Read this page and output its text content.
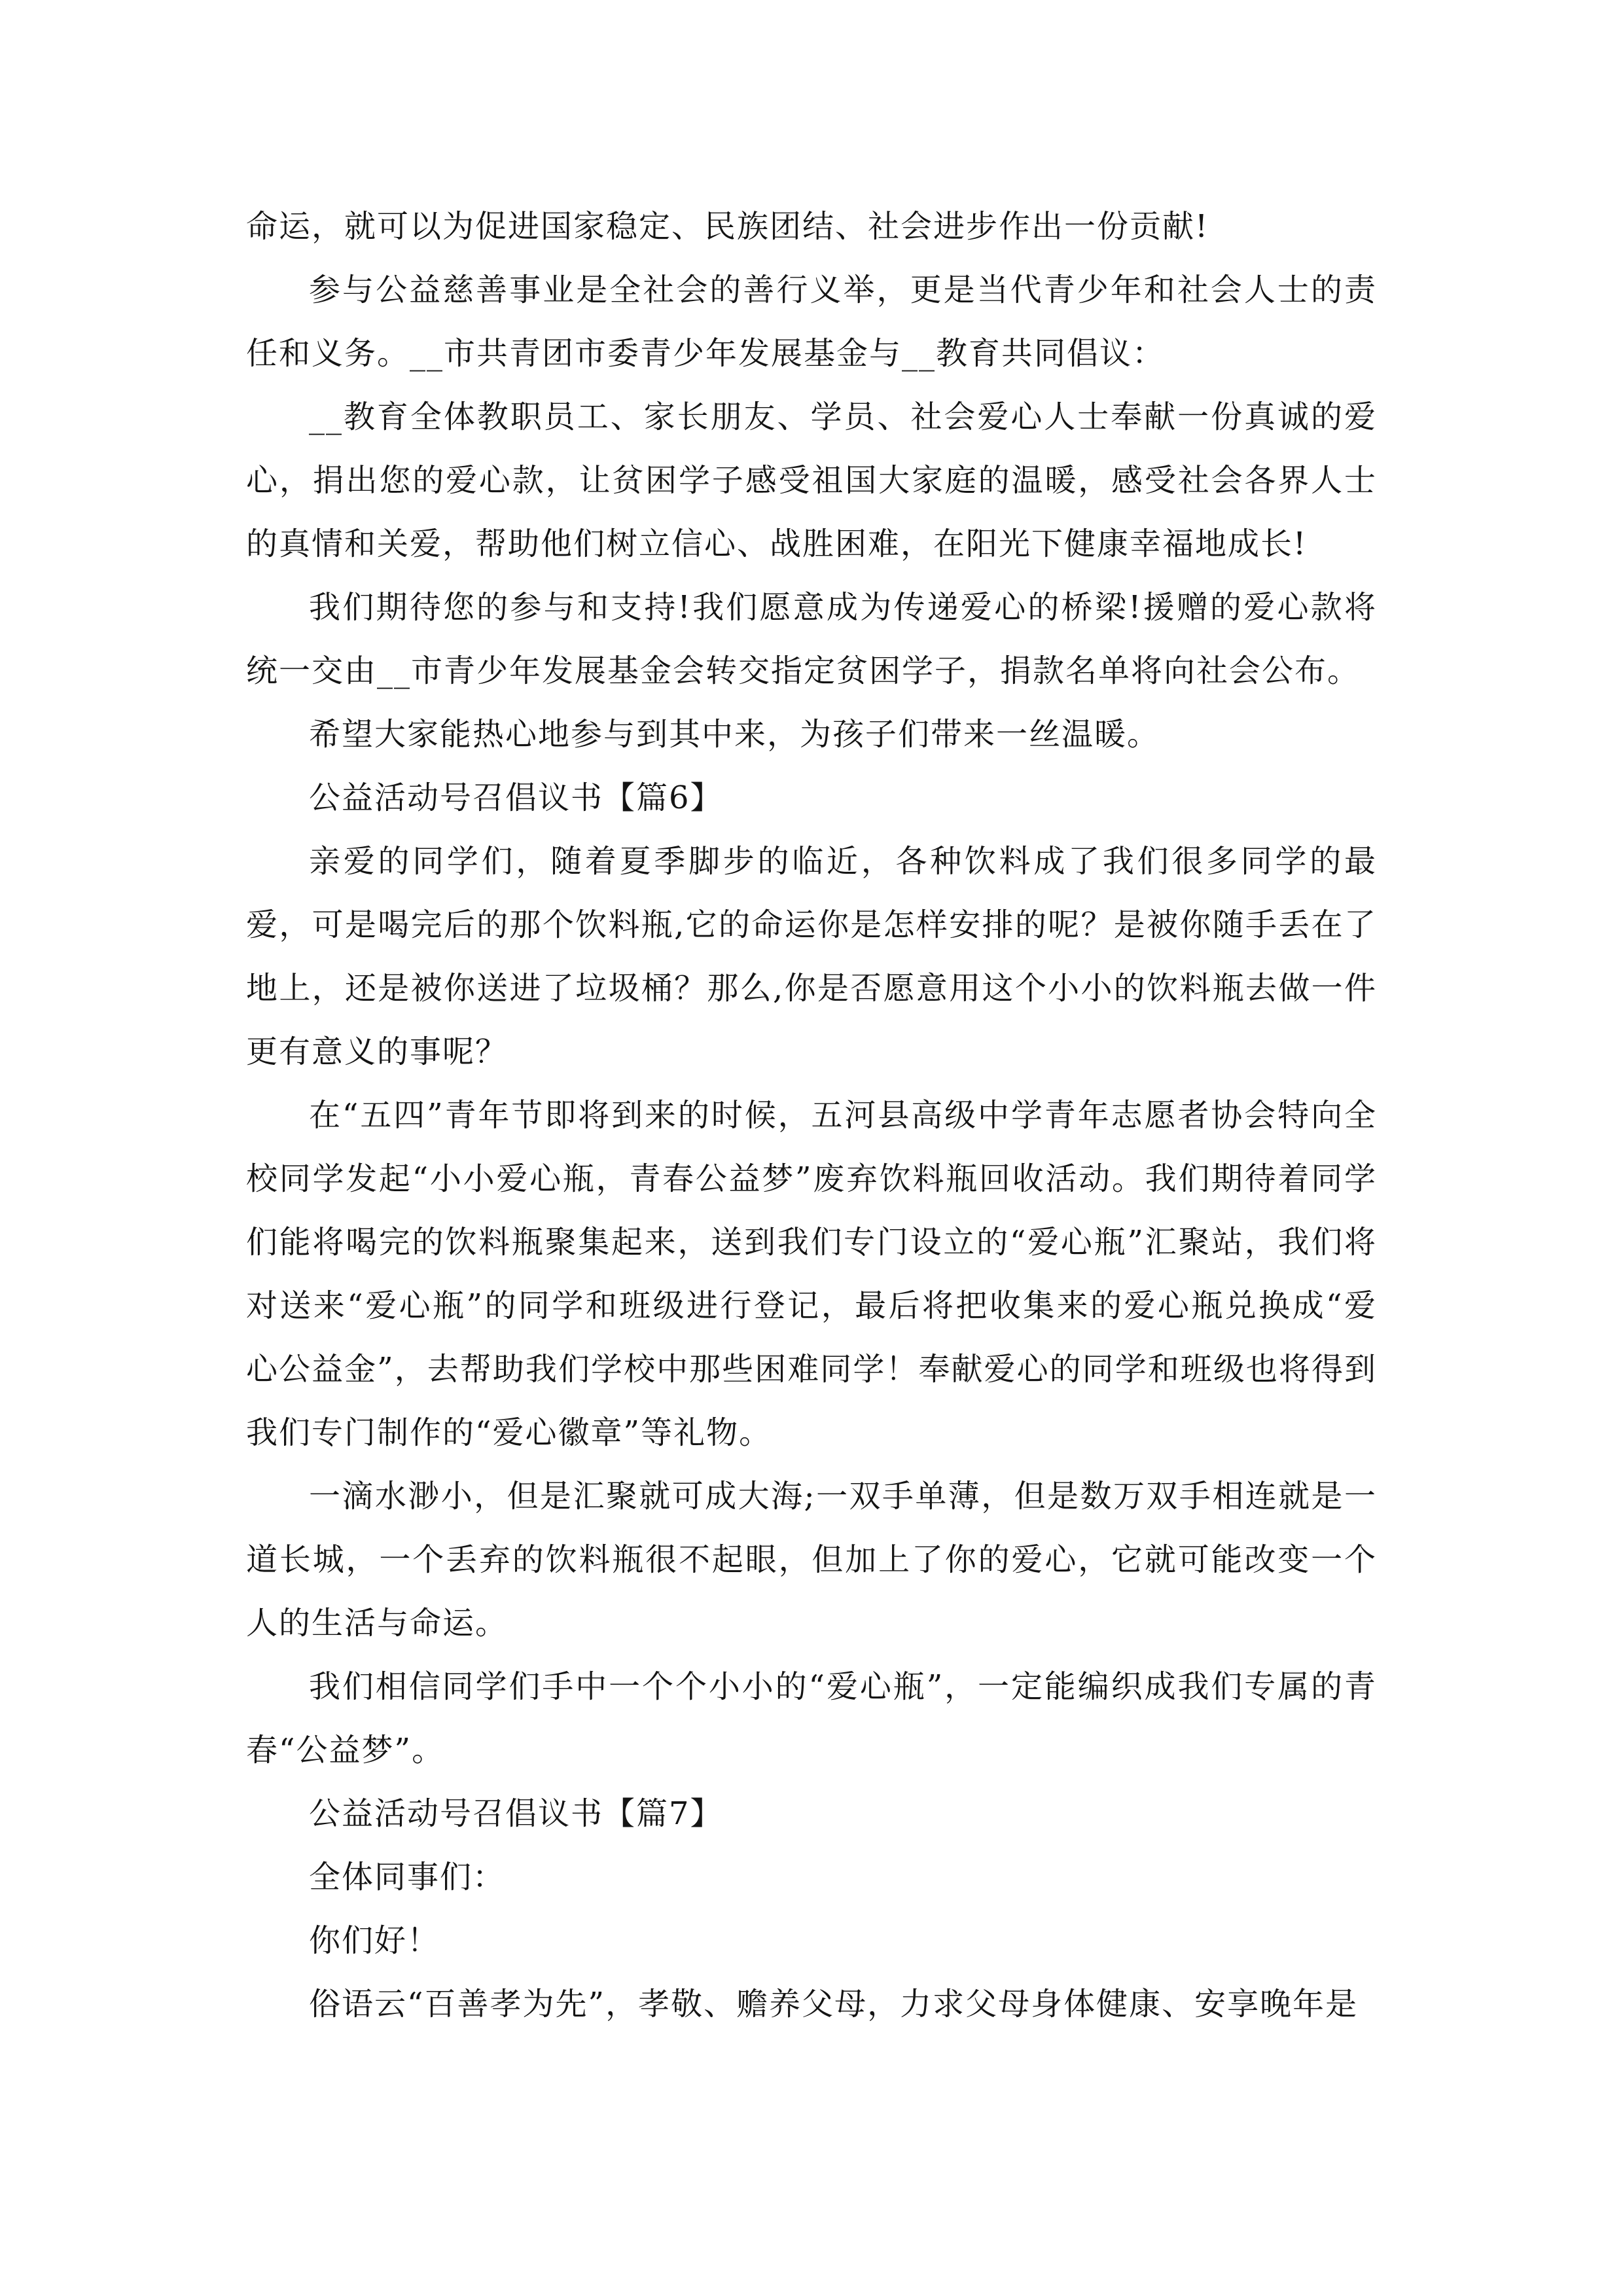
命运，就可以为促进国家稳定、民族团结、社会进步作出一份贡献!

参与公益慈善事业是全社会的善行义举，更是当代青少年和社会人士的责任和义务。__市共青团市委青少年发展基金与__教育共同倡议：

__教育全体教职员工、家长朋友、学员、社会爱心人士奉献一份真诚的爱心，捐出您的爱心款，让贫困学子感受祖国大家庭的温暖，感受社会各界人士的真情和关爱，帮助他们树立信心、战胜困难，在阳光下健康幸福地成长!

我们期待您的参与和支持!我们愿意成为传递爱心的桥梁!援赠的爱心款将统一交由__市青少年发展基金会转交指定贫困学子，捐款名单将向社会公布。

希望大家能热心地参与到其中来，为孩子们带来一丝温暖。

公益活动号召倡议书【篇6】

亲爱的同学们，随着夏季脚步的临近，各种饮料成了我们很多同学的最爱，可是喝完后的那个饮料瓶,它的命运你是怎样安排的呢？是被你随手丢在了地上，还是被你送进了垃圾桶？那么,你是否愿意用这个小小的饮料瓶去做一件更有意义的事呢？

在“五四”青年节即将到来的时候，五河县高级中学青年志愿者协会特向全校同学发起“小小爱心瓶，青春公益梦”废弃饮料瓶回收活动。我们期待着同学们能将喝完的饮料瓶聚集起来，送到我们专门设立的“爱心瓶”汇聚站，我们将对送来“爱心瓶”的同学和班级进行登记，最后将把收集来的爱心瓶兑换成“爱心公益金”，去帮助我们学校中那些困难同学！奉献爱心的同学和班级也将得到我们专门制作的“爱心徽章”等礼物。

一滴水渺小，但是汇聚就可成大海;一双手单薄，但是数万双手相连就是一道长城，一个丢弃的饮料瓶很不起眼，但加上了你的爱心，它就可能改变一个人的生活与命运。

我们相信同学们手中一个个小小的“爱心瓶”，一定能编织成我们专属的青春“公益梦”。

公益活动号召倡议书【篇7】

全体同事们：

你们好！

俗语云“百善孝为先”，孝敬、赡养父母，力求父母身体健康、安享晚年是
